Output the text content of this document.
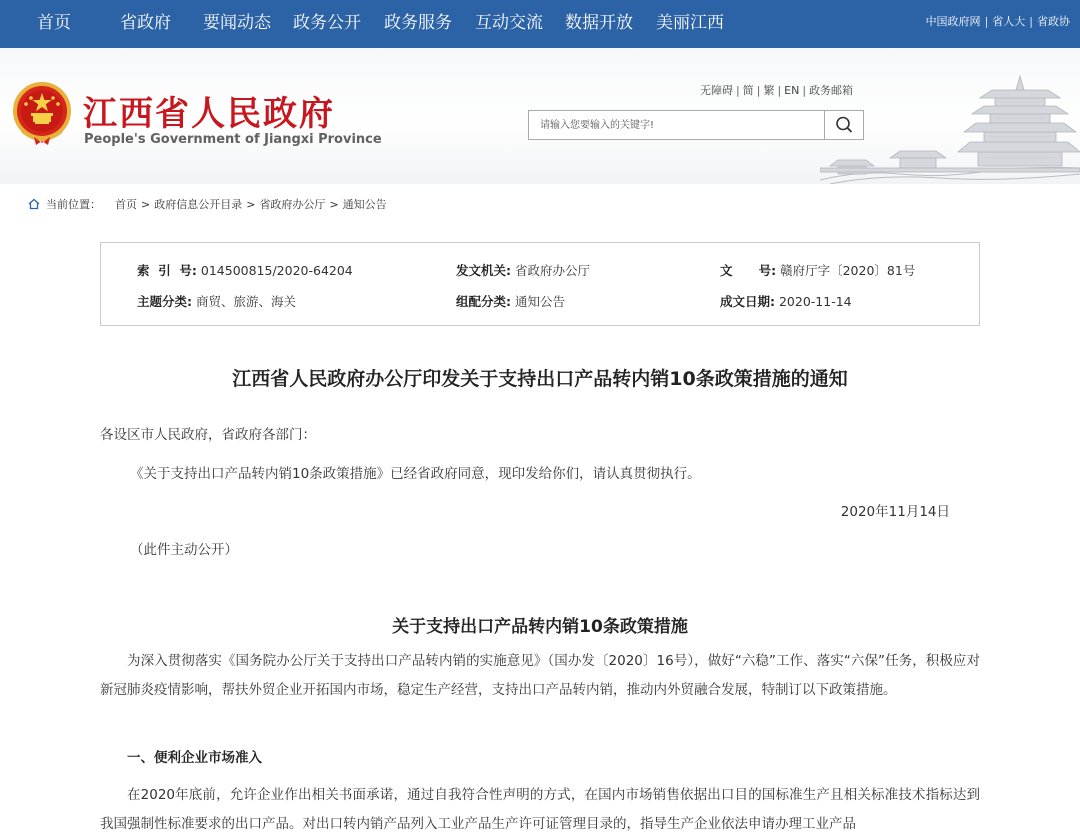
首页	省政府 要闻动态 政务公开 政务服务 互动交流 数据开放 美丽江西	中国政府网 | 省人大 | 省政协
江西省人民政府
People's Government of Jiangxi Province
无障碍 | 简 | 繁 | EN | 政务邮箱
请输入您要输入的关键字!
当前位置： 首页 > 政府信息公开目录 > 省政府办公厅 > 通知公告
索  引  号: 014500815/2020-64204	发文机关: 省政府办公厅	文      号: 赣府厅字〔2020〕81号
主题分类: 商贸、旅游、海关	组配分类: 通知公告	成文日期: 2020-11-14
江西省人民政府办公厅印发关于支持出口产品转内销10条政策措施的通知
各设区市人民政府，省政府各部门：
《关于支持出口产品转内销10条政策措施》已经省政府同意，现印发给你们，请认真贯彻执行。
2020年11月14日
（此件主动公开）
关于支持出口产品转内销10条政策措施

为深入贯彻落实《国务院办公厅关于支持出口产品转内销的实施意见》（国办发〔2020〕16号），做好“六稳”工作、落实“六保”任务，积极应对新冠肺炎疫情影响，帮扶外贸企业开拓国内市场，稳定生产经营，支持出口产品转内销，推动内外贸融合发展，特制订以下政策措施。

一、便利企业市场准入

在2020年底前，允许企业作出相关书面承诺，通过自我符合性声明的方式，在国内市场销售依据出口目的国标准生产且相关标准技术指标达到我国强制性标准要求的出口产品。对出口转内销产品列入工业产品生产许可证管理目录的，指导生产企业依法申请办理工业产品
